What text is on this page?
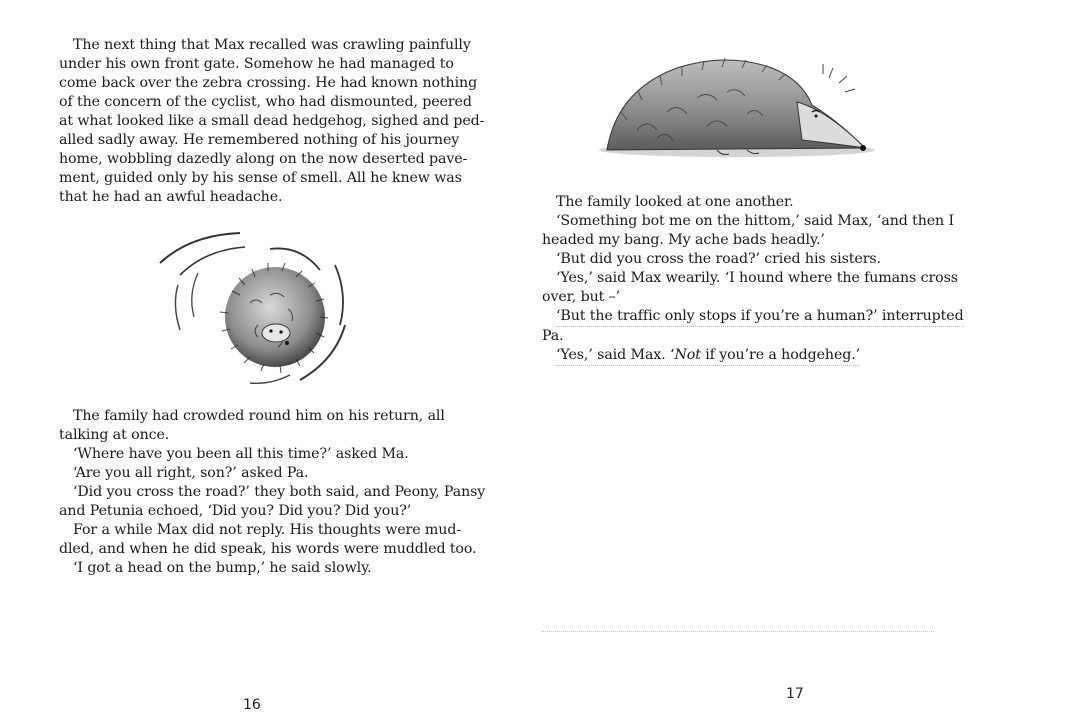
The next thing that Max recalled was crawling painfully

under his own front gate. Somehow he had managed to

come back over the zebra crossing. He had known nothing

of the concern of the cyclist, who had dismounted, peered

at what looked like a small dead hedgehog, sighed and ped-

alled sadly away. He remembered nothing of his journey

home, wobbling dazedly along on the now deserted pave-

ment, guided only by his sense of smell. All he knew was

that he had an awful headache.

The family had crowded round him on his return, all

talking at once.

‘Where have you been all this time?’ asked Ma.

‘Are you all right, son?’ asked Pa.

‘Did you cross the road?’ they both said, and Peony, Pansy

and Petunia echoed, ‘Did you? Did you? Did you?’

For a while Max did not reply. His thoughts were mud-

dled, and when he did speak, his words were muddled too.

‘I got a head on the bump,’ he said slowly.

16

The family looked at one another.

‘Something bot me on the hittom,’ said Max, ‘and then I

headed my bang. My ache bads headly.’

‘But did you cross the road?’ cried his sisters.

‘Yes,’ said Max wearily. ‘I hound where the fumans cross

over, but –’

‘But the traffic only stops if you’re a human?’ interrupted

Pa.

‘Yes,’ said Max. ‘Not if you’re a hodgeheg.’

17
